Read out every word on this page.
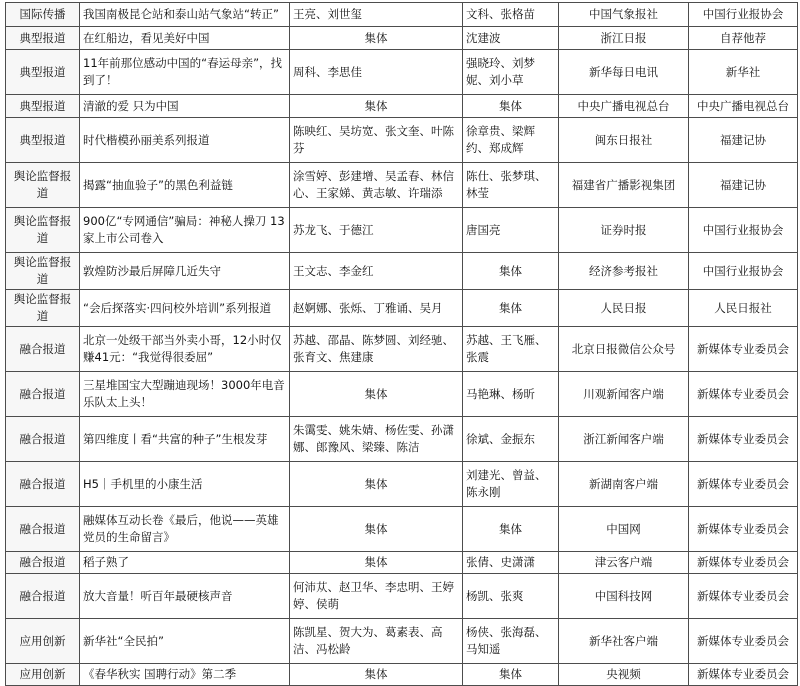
国际传播	我国南极昆仑站和泰山站气象站“转正”	王亮、刘世玺	文科、张格苗	中国气象报社	中国行业报协会
典型报道	在红船边，看见美好中国	集体	沈建波	浙江日报	自荐他荐
典型报道	11年前那位感动中国的“春运母亲”，找到了！	周科、李思佳	强晓玲、刘梦妮、刘小草	新华每日电讯	新华社
典型报道	清澈的爱 只为中国	集体	集体	中央广播电视总台	中央广播电视总台
典型报道	时代楷模孙丽美系列报道	陈映红、吴坊宽、张文奎、叶陈芬	徐章贵、梁辉约、郑成辉	闽东日报社	福建记协
舆论监督报道	揭露“抽血验子”的黑色利益链	涂雪婷、彭建增、吴孟春、林信心、王家娣、黄志敏、许瑞添	陈仕、张梦琪、林莹	福建省广播影视集团	福建记协
舆论监督报道	900亿“专网通信”骗局：神秘人操刀 13家上市公司卷入	苏龙飞、于德江	唐国亮	证券时报	中国行业报协会
舆论监督报道	敦煌防沙最后屏障几近失守	王文志、李金红	集体	经济参考报社	中国行业报协会
舆论监督报道	“会后探落实·四问校外培训”系列报道	赵婀娜、张烁、丁雅诵、吴月	集体	人民日报	人民日报社
融合报道	北京一处级干部当外卖小哥，12小时仅赚41元：“我觉得很委屈”	苏越、邵晶、陈梦圆、刘经驰、张育文、焦建康	苏越、王飞雁、张震	北京日报微信公众号	新媒体专业委员会
融合报道	三星堆国宝大型蹦迪现场！3000年电音乐队太上头！	集体	马艳琳、杨昕	川观新闻客户端	新媒体专业委员会
融合报道	第四维度丨看“共富的种子”生根发芽	朱霭雯、姚朱婧、杨佐雯、孙潇娜、郎豫风、梁臻、陈洁	徐斌、金振东	浙江新闻客户端	新媒体专业委员会
融合报道	H5｜手机里的小康生活	集体	刘建光、曾益、陈永刚	新湖南客户端	新媒体专业委员会
融合报道	融媒体互动长卷《最后，他说——英雄党员的生命留言》	集体	集体	中国网	新媒体专业委员会
融合报道	稻子熟了	集体	张倩、史潇潇	津云客户端	新媒体专业委员会
融合报道	放大音量！听百年最硬核声音	何沛苁、赵卫华、李忠明、王婷婷、侯萌	杨凯、张爽	中国科技网	新媒体专业委员会
应用创新	新华社“全民拍”	陈凯星、贺大为、葛素表、高洁、冯松龄	杨侠、张海磊、马知遥	新华社客户端	新媒体专业委员会
应用创新	《春华秋实 国聘行动》第二季	集体	集体	央视频	新媒体专业委员会
